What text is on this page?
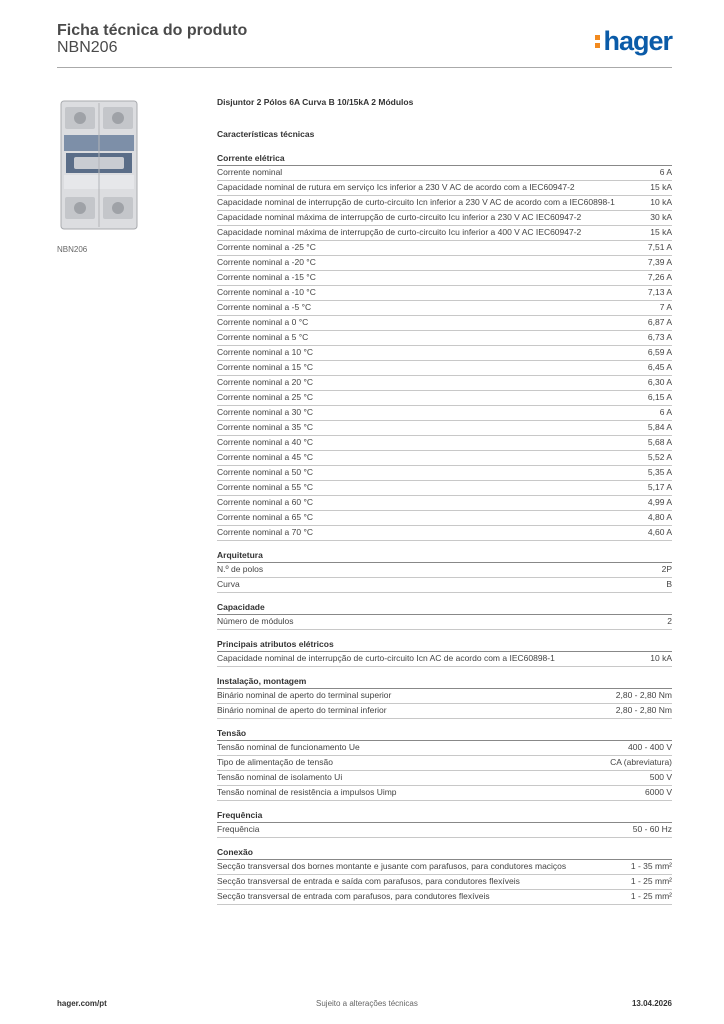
Ficha técnica do produto
NBN206	hager
NBN206
Disjuntor 2 Pólos 6A Curva B 10/15kA 2 Módulos
Características técnicas
Corrente elétrica
Corrente nominal	6 A
Capacidade nominal de rutura em serviço Ics inferior a 230 V AC de acordo com a IEC60947-2	15 kA
Capacidade nominal de interrupção de curto-circuito Icn inferior a 230 V AC de acordo com a IEC60898-1	10 kA
Capacidade nominal máxima de interrupção de curto-circuito Icu inferior a 230 V AC IEC60947-2	30 kA
Capacidade nominal máxima de interrupção de curto-circuito Icu inferior a 400 V AC IEC60947-2	15 kA
Corrente nominal a -25 °C	7,51 A
Corrente nominal a -20 °C	7,39 A
Corrente nominal a -15 °C	7,26 A
Corrente nominal a -10 °C	7,13 A
Corrente nominal a -5 °C	7 A
Corrente nominal a 0 °C	6,87 A
Corrente nominal a 5 °C	6,73 A
Corrente nominal a 10 °C	6,59 A
Corrente nominal a 15 °C	6,45 A
Corrente nominal a 20 °C	6,30 A
Corrente nominal a 25 °C	6,15 A
Corrente nominal a 30 °C	6 A
Corrente nominal a 35 °C	5,84 A
Corrente nominal a 40 °C	5,68 A
Corrente nominal a 45 °C	5,52 A
Corrente nominal a 50 °C	5,35 A
Corrente nominal a 55 °C	5,17 A
Corrente nominal a 60 °C	4,99 A
Corrente nominal a 65 °C	4,80 A
Corrente nominal a 70 °C	4,60 A
Arquitetura
N.º de polos	2P
Curva	B
Capacidade
Número de módulos	2
Principais atributos elétricos
Capacidade nominal de interrupção de curto-circuito Icn AC de acordo com a IEC60898-1	10 kA
Instalação, montagem
Binário nominal de aperto do terminal superior	2,80 - 2,80 Nm
Binário nominal de aperto do terminal inferior	2,80 - 2,80 Nm
Tensão
Tensão nominal de funcionamento Ue	400 - 400 V
Tipo de alimentação de tensão	CA (abreviatura)
Tensão nominal de isolamento Ui	500 V
Tensão nominal de resistência a impulsos Uimp	6000 V
Frequência
Frequência	50 - 60 Hz
Conexão
Secção transversal dos bornes montante e jusante com parafusos, para condutores maciços	1 - 35 mm²
Secção transversal de entrada e saída com parafusos, para condutores flexíveis	1 - 25 mm²
Secção transversal de entrada com parafusos, para condutores flexíveis	1 - 25 mm²
hager.com/pt	Sujeito a alterações técnicas	13.04.2026
